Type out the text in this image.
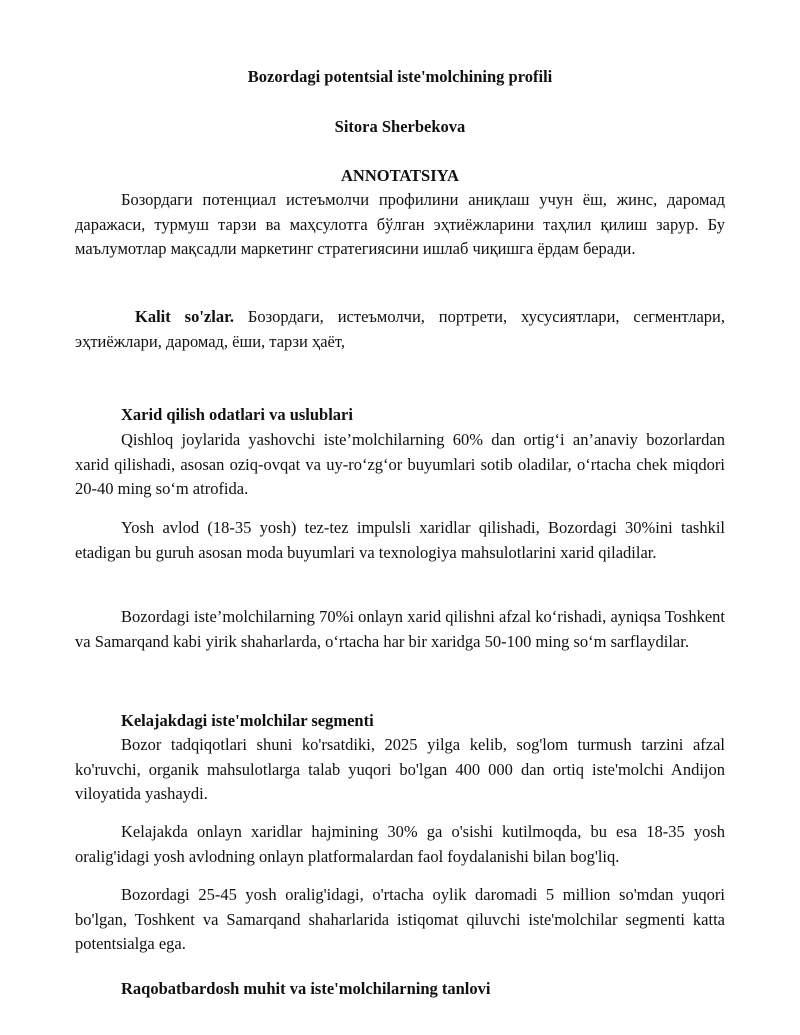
Bozordagi potentsial iste'molchining profili
Sitora Sherbekova
ANNOTATSIYA

Бозордаги потенциал истеъмолчи профилини аниқлаш учун ёш, жинс, даромад даражаси, турмуш тарзи ва маҳсулотга бўлган эҳтиёжларини таҳлил қилиш зарур. Бу маълумотлар мақсадли маркетинг стратегиясини ишлаб чиқишга ёрдам беради.

Kalit so'zlar. Бозордаги, истеъмолчи, портрети, хусусиятлари, сегментлари, эҳтиёжлари, даромад, ёши, тарзи ҳаёт,

Xarid qilish odatlari va uslublari

Qishloq joylarida yashovchi iste’molchilarning 60% dan ortig‘i an’anaviy bozorlardan xarid qilishadi, asosan oziq-ovqat va uy-ro‘zg‘or buyumlari sotib oladilar, o‘rtacha chek miqdori 20-40 ming so‘m atrofida.

Yosh avlod (18-35 yosh) tez-tez impulsli xaridlar qilishadi, Bozordagi 30%ini tashkil etadigan bu guruh asosan moda buyumlari va texnologiya mahsulotlarini xarid qiladilar.

Bozordagi iste’molchilarning 70%i onlayn xarid qilishni afzal ko‘rishadi, ayniqsa Toshkent va Samarqand kabi yirik shaharlarda, o‘rtacha har bir xaridga 50-100 ming so‘m sarflaydilar.

Kelajakdagi iste'molchilar segmenti

Bozor tadqiqotlari shuni ko'rsatdiki, 2025 yilga kelib, sog'lom turmush tarzini afzal ko'ruvchi, organik mahsulotlarga talab yuqori bo'lgan 400 000 dan ortiq iste'molchi Andijon viloyatida yashaydi.

Kelajakda onlayn xaridlar hajmining 30% ga o'sishi kutilmoqda, bu esa 18-35 yosh oralig'idagi yosh avlodning onlayn platformalardan faol foydalanishi bilan bog'liq.

Bozordagi 25-45 yosh oralig'idagi, o'rtacha oylik daromadi 5 million so'mdan yuqori bo'lgan, Toshkent va Samarqand shaharlarida istiqomat qiluvchi iste'molchilar segmenti katta potentsialga ega.

Raqobatbardosh muhit va iste'molchilarning tanlovi
